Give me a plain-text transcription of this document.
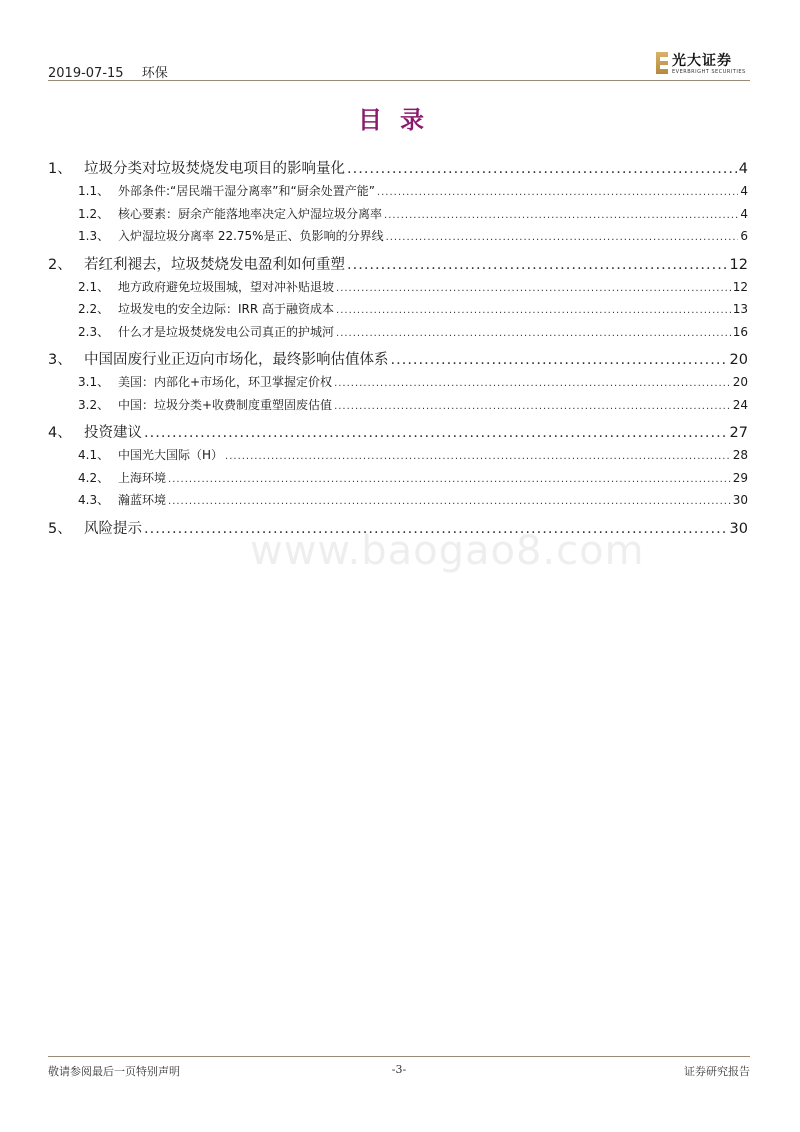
2019-07-15 环保
光大证券
EVERBRIGHT SECURITIES
目录
1、 垃圾分类对垃圾焚烧发电项目的影响量化 .....	4
1.1、 外部条件:“居民端干湿分离率”和“厨余处置产能” .....	4
1.2、 核心要素：厨余产能落地率决定入炉湿垃圾分离率 .....	4
1.3、 入炉湿垃圾分离率 22.75%是正、负影响的分界线 .....	6
2、 若红利褪去，垃圾焚烧发电盈利如何重塑 .....	12
2.1、 地方政府避免垃圾围城，望对冲补贴退坡 .....	12
2.2、 垃圾发电的安全边际：IRR 高于融资成本 .....	13
2.3、 什么才是垃圾焚烧发电公司真正的护城河 .....	16
3、 中国固废行业正迈向市场化，最终影响估值体系 .....	20
3.1、 美国：内部化+市场化，环卫掌握定价权 .....	20
3.2、 中国：垃圾分类+收费制度重塑固废估值 .....	24
4、 投资建议 .....	27
4.1、 中国光大国际（H） .....	28
4.2、 上海环境 .....	29
4.3、 瀚蓝环境 .....	30
5、 风险提示 .....	30
www.baogao8.com
敬请参阅最后一页特别声明	-3-	证券研究报告
